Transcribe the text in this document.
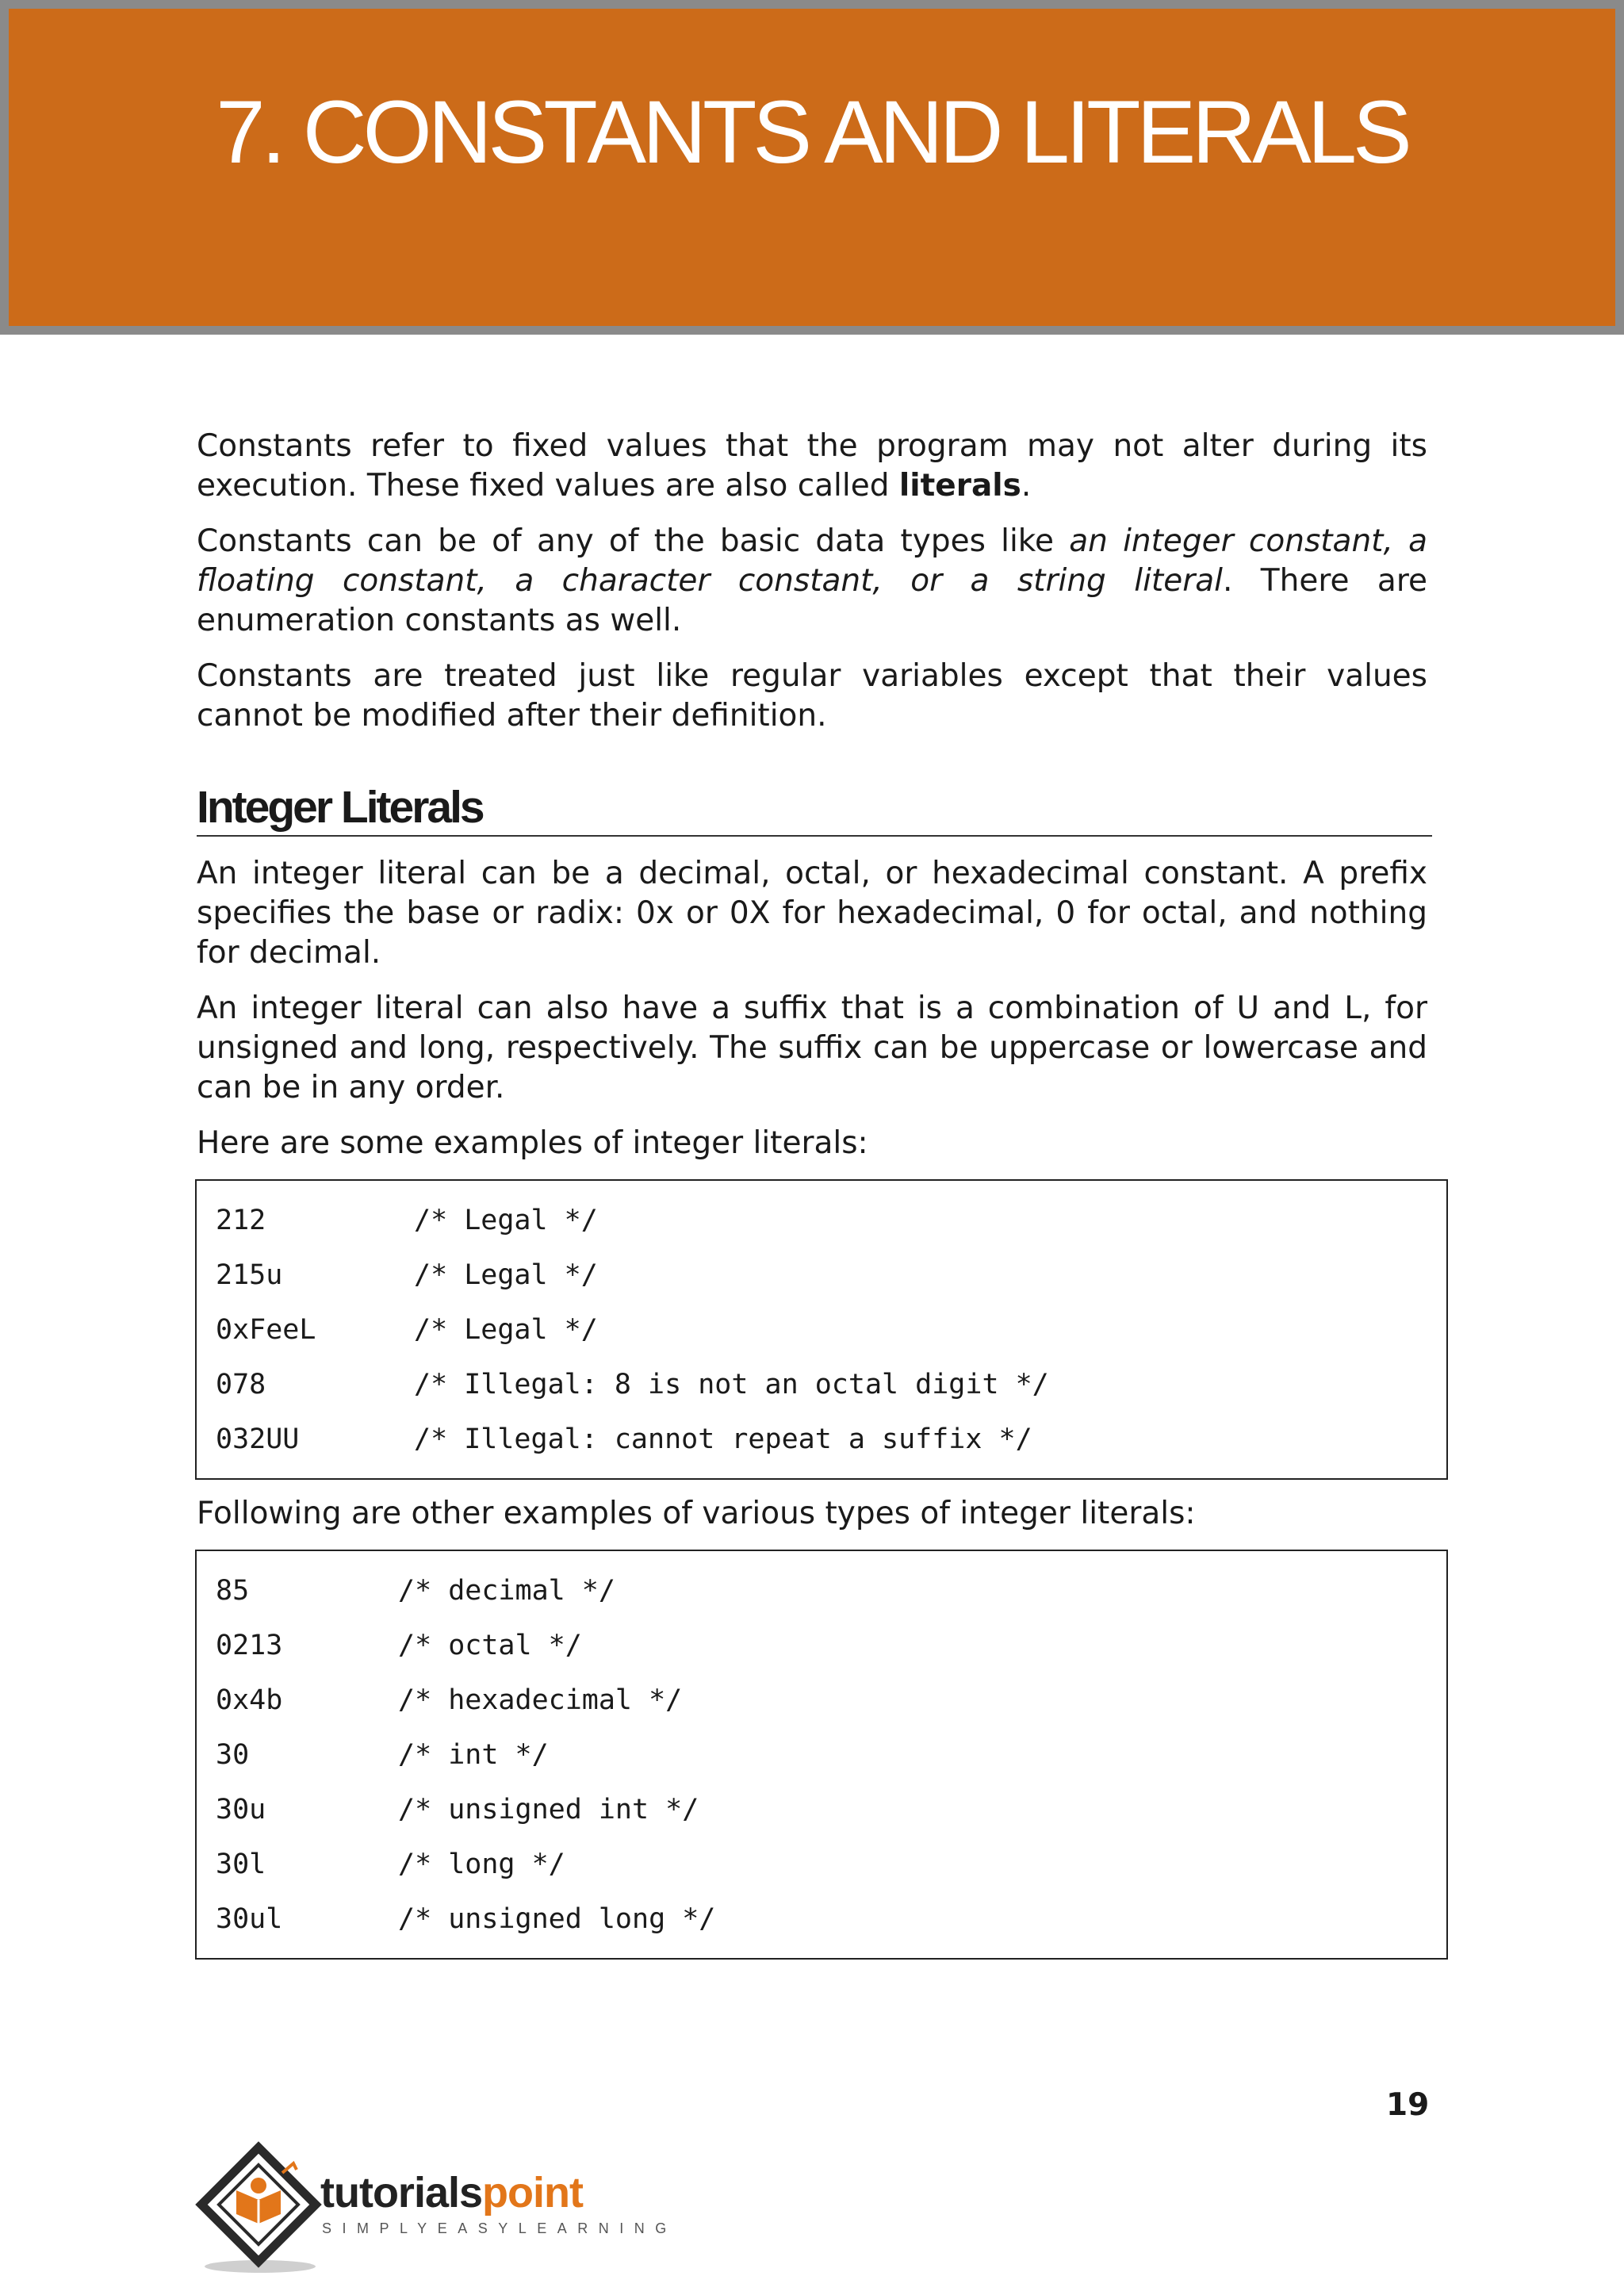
7. CONSTANTS AND LITERALS

Constants refer to fixed values that the program may not alter during its execution. These fixed values are also called literals.

Constants can be of any of the basic data types like an integer constant, a floating constant, a character constant, or a string literal. There are enumeration constants as well.

Constants are treated just like regular variables except that their values cannot be modified after their definition.

Integer Literals

An integer literal can be a decimal, octal, or hexadecimal constant. A prefix specifies the base or radix: 0x or 0X for hexadecimal, 0 for octal, and nothing for decimal.

An integer literal can also have a suffix that is a combination of U and L, for unsigned and long, respectively. The suffix can be uppercase or lowercase and can be in any order.

Here are some examples of integer literals:

212	/* Legal */
215u	/* Legal */
0xFeeL	/* Legal */
078	/* Illegal: 8 is not an octal digit */
032UU	/* Illegal: cannot repeat a suffix */

Following are other examples of various types of integer literals:

85	/* decimal */
0213	/* octal */
0x4b	/* hexadecimal */
30	/* int */
30u	/* unsigned int */
30l	/* long */
30ul	/* unsigned long */
19
tutorialspoint
SIMPLYEASYLEARNING
